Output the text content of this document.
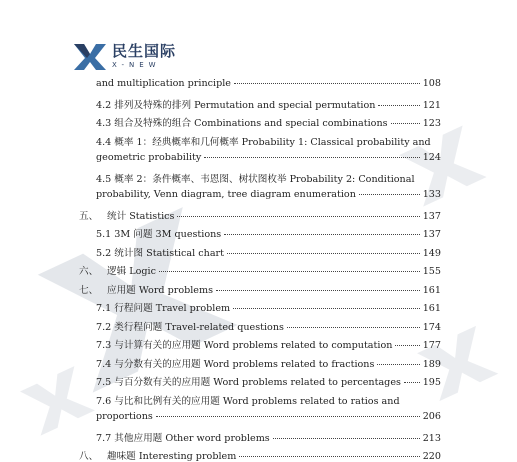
民生国际
X-NEW
and multiplication principle	108
4.2 排列及特殊的排列 Permutation and special permutation	121
4.3 组合及特殊的组合 Combinations and special combinations	123
4.4 概率 1：经典概率和几何概率 Probability 1: Classical probability and
geometric probability	124
4.5 概率 2：条件概率、韦恩图、树状图枚举 Probability 2: Conditional
probability, Venn diagram, tree diagram enumeration	133
五、 统计 Statistics	137
5.1 3M 问题 3M questions	137
5.2 统计图 Statistical chart	149
六、 逻辑 Logic	155
七、 应用题 Word problems	161
7.1 行程问题 Travel problem	161
7.2 类行程问题 Travel-related questions	174
7.3 与计算有关的应用题 Word problems related to computation	177
7.4 与分数有关的应用题 Word problems related to fractions	189
7.5 与百分数有关的应用题 Word problems related to percentages 195
7.6 与比和比例有关的应用题 Word problems related to ratios and
proportions	206
7.7 其他应用题 Other word problems	213
八、 趣味题 Interesting problem	220
